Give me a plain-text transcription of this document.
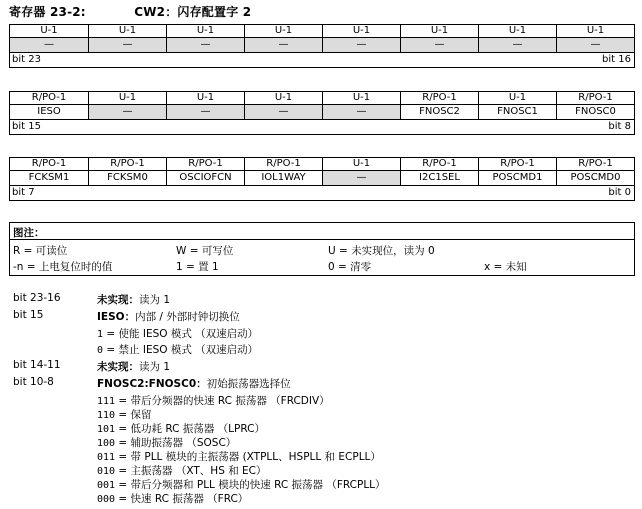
寄存器 23-2:	CW2：闪存配置字 2
U-1	U-1	U-1	U-1	U-1	U-1	U-1	U-1
—	—	—	—	—	—	—	—
bit 23	bit 16
R/PO-1	U-1	U-1	U-1	U-1	R/PO-1	U-1	R/PO-1
IESO	—	—	—	—	FNOSC2	FNOSC1	FNOSC0
bit 15	bit 8
R/PO-1	R/PO-1	R/PO-1	R/PO-1	U-1	R/PO-1	R/PO-1	R/PO-1
FCKSM1	FCKSM0	OSCIOFCN	IOL1WAY	—	I2C1SEL	POSCMD1	POSCMD0
bit 7	bit 0
图注：
R = 可读位	W = 可写位	U = 未实现位，读为 0
-n = 上电复位时的值	1 = 置 1	0 = 清零	x = 未知
bit 23-16	未实现：读为 1
bit 15	IESO：内部 / 外部时钟切换位
1 = 使能 IESO 模式 （双速启动）
0 = 禁止 IESO 模式 （双速启动）
bit 14-11	未实现：读为 1
bit 10-8	FNOSC2:FNOSC0：初始振荡器选择位
111 = 带后分频器的快速 RC 振荡器 （FRCDIV）
110 = 保留
101 = 低功耗 RC 振荡器 （LPRC）
100 = 辅助振荡器 （SOSC）
011 = 带 PLL 模块的主振荡器 (XTPLL、HSPLL 和 ECPLL）
010 = 主振荡器 （XT、HS 和 EC）
001 = 带后分频器和 PLL 模块的快速 RC 振荡器 （FRCPLL）
000 = 快速 RC 振荡器 （FRC）
